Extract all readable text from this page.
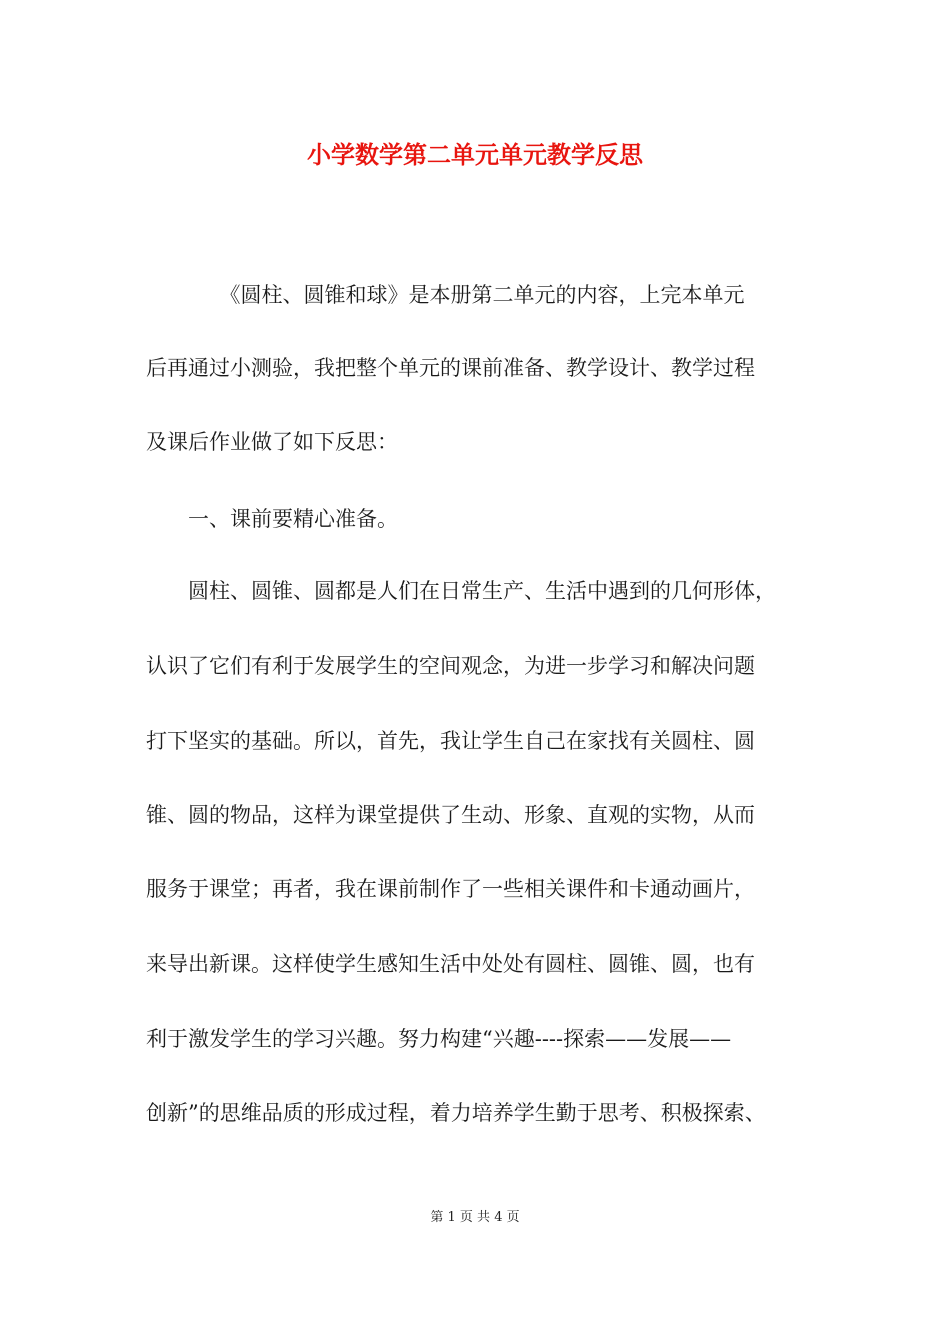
小学数学第二单元单元教学反思

　　　　《圆柱、圆锥和球》是本册第二单元的内容，上完本单元

后再通过小测验，我把整个单元的课前准备、教学设计、教学过程

及课后作业做了如下反思：

　　一、课前要精心准备。

　　圆柱、圆锥、圆都是人们在日常生产、生活中遇到的几何形体，

认识了它们有利于发展学生的空间观念，为进一步学习和解决问题

打下坚实的基础。所以，首先，我让学生自己在家找有关圆柱、圆

锥、圆的物品，这样为课堂提供了生动、形象、直观的实物，从而

服务于课堂；再者，我在课前制作了一些相关课件和卡通动画片，

来导出新课。这样使学生感知生活中处处有圆柱、圆锥、圆，也有

利于激发学生的学习兴趣。努力构建“兴趣----探索——发展——

创新”的思维品质的形成过程，着力培养学生勤于思考、积极探索、

第 1 页 共 4 页
